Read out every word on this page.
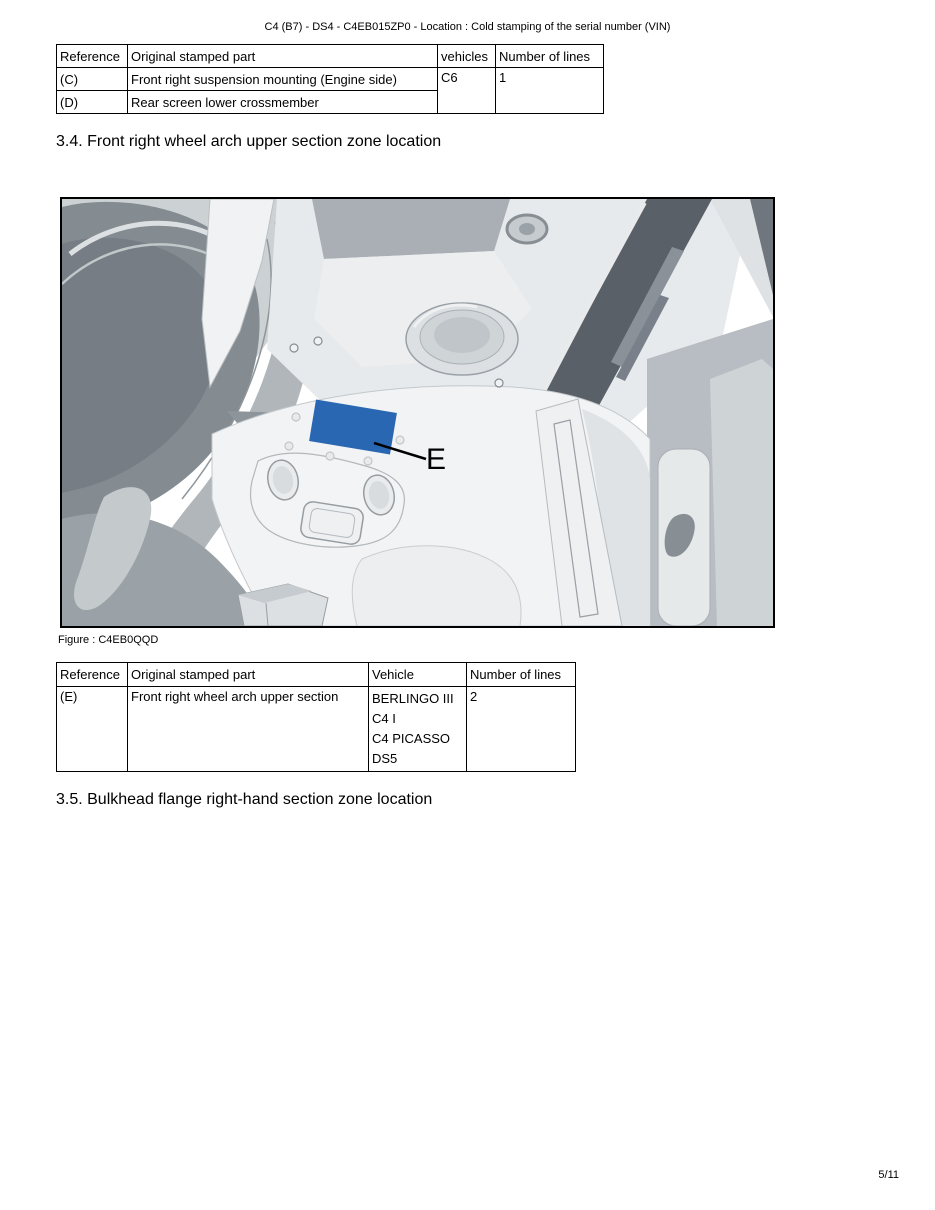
C4 (B7) - DS4 - C4EB015ZP0 - Location : Cold stamping of the serial number (VIN)
Reference	Original stamped part	vehicles	Number of lines
(C)	Front right suspension mounting (Engine side)	C6	1
(D)	Rear screen lower crossmember		
3.4. Front right wheel arch upper section zone location
E
Figure : C4EB0QQD
Reference	Original stamped part	Vehicle	Number of lines
(E)	Front right wheel arch upper section	BERLINGO III
C4 I
C4 PICASSO
DS5	2
3.5. Bulkhead flange right-hand section zone location
5/11
